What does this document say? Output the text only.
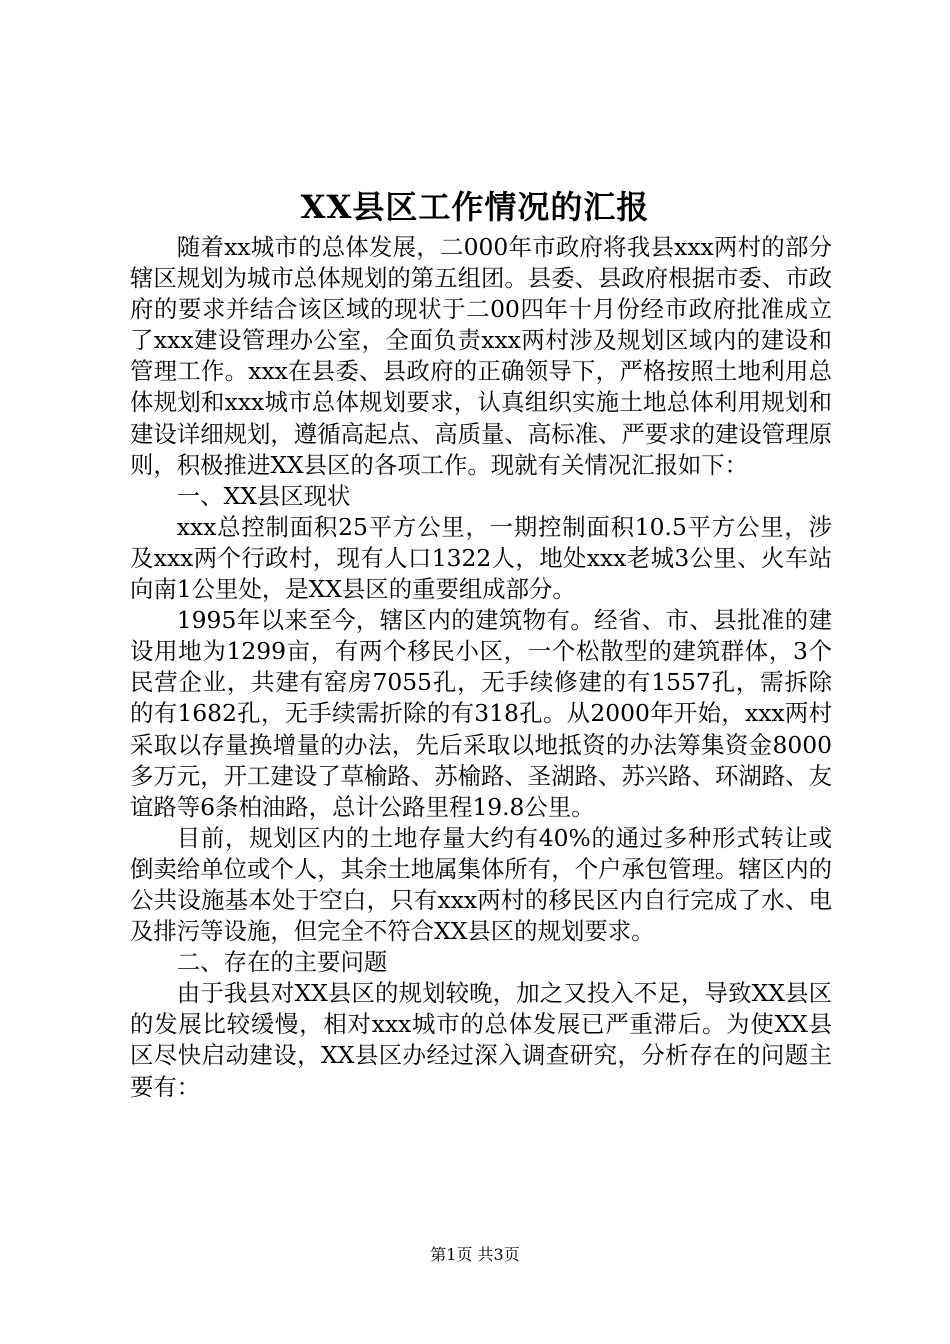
XX县区工作情况的汇报

随着xx城市的总体发展，二000年市政府将我县xxx两村的部分辖区规划为城市总体规划的第五组团。县委、县政府根据市委、市政府的要求并结合该区域的现状于二00四年十月份经市政府批准成立了xxx建设管理办公室，全面负责xxx两村涉及规划区域内的建设和管理工作。xxx在县委、县政府的正确领导下，严格按照土地利用总体规划和xxx城市总体规划要求，认真组织实施土地总体利用规划和建设详细规划，遵循高起点、高质量、高标准、严要求的建设管理原则，积极推进XX县区的各项工作。现就有关情况汇报如下：

一、XX县区现状

xxx总控制面积25平方公里，一期控制面积10.5平方公里，涉及xxx两个行政村，现有人口1322人，地处xxx老城3公里、火车站向南1公里处，是XX县区的重要组成部分。

1995年以来至今，辖区内的建筑物有。经省、市、县批准的建设用地为1299亩，有两个移民小区，一个松散型的建筑群体，3个民营企业，共建有窑房7055孔，无手续修建的有1557孔，需拆除的有1682孔，无手续需折除的有318孔。从2000年开始，xxx两村采取以存量换增量的办法，先后采取以地抵资的办法筹集资金8000多万元，开工建设了草榆路、苏榆路、圣湖路、苏兴路、环湖路、友谊路等6条柏油路，总计公路里程19.8公里。

目前，规划区内的土地存量大约有40%的通过多种形式转让或倒卖给单位或个人，其余土地属集体所有，个户承包管理。辖区内的公共设施基本处于空白，只有xxx两村的移民区内自行完成了水、电及排污等设施，但完全不符合XX县区的规划要求。

二、存在的主要问题

由于我县对XX县区的规划较晚，加之又投入不足，导致XX县区的发展比较缓慢，相对xxx城市的总体发展已严重滞后。为使XX县区尽快启动建设，XX县区办经过深入调查研究，分析存在的问题主要有：

第1页 共3页
